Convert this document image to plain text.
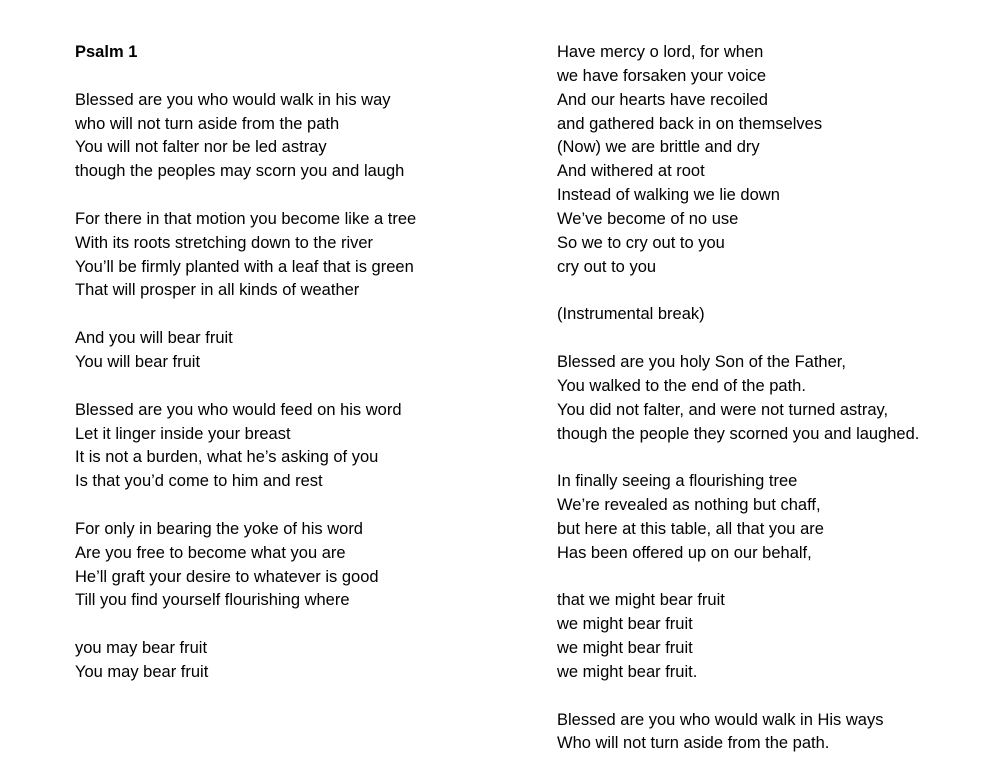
Psalm 1
Blessed are you who would walk in his way
who will not turn aside from the path
You will not falter nor be led astray
though the peoples may scorn you and laugh
For there in that motion you become like a tree
With its roots stretching down to the river
You’ll be firmly planted with a leaf that is green
That will prosper in all kinds of weather
And you will bear fruit
You will bear fruit
Blessed are you who would feed on his word
Let it linger inside your breast
It is not a burden, what he’s asking of you
Is that you’d come to him and rest
For only in bearing the yoke of his word
Are you free to become what you are
He’ll graft your desire to whatever is good
Till you find yourself flourishing where
you may bear fruit
You may bear fruit
Have mercy o lord, for when
we have forsaken your voice
And our hearts have recoiled
and gathered back in on themselves
(Now) we are brittle and dry
And withered at root
Instead of walking we lie down
We’ve become of no use
So we to cry out to you
cry out to you
(Instrumental break)
Blessed are you holy Son of the Father,
You walked to the end of the path.
You did not falter, and were not turned astray,
though the people they scorned you and laughed.
In finally seeing a flourishing tree
We’re revealed as nothing but chaff,
but here at this table, all that you are
Has been offered up on our behalf,
that we might bear fruit
we might bear fruit
we might bear fruit
we might bear fruit.
Blessed are you who would walk in His ways
Who will not turn aside from the path.
